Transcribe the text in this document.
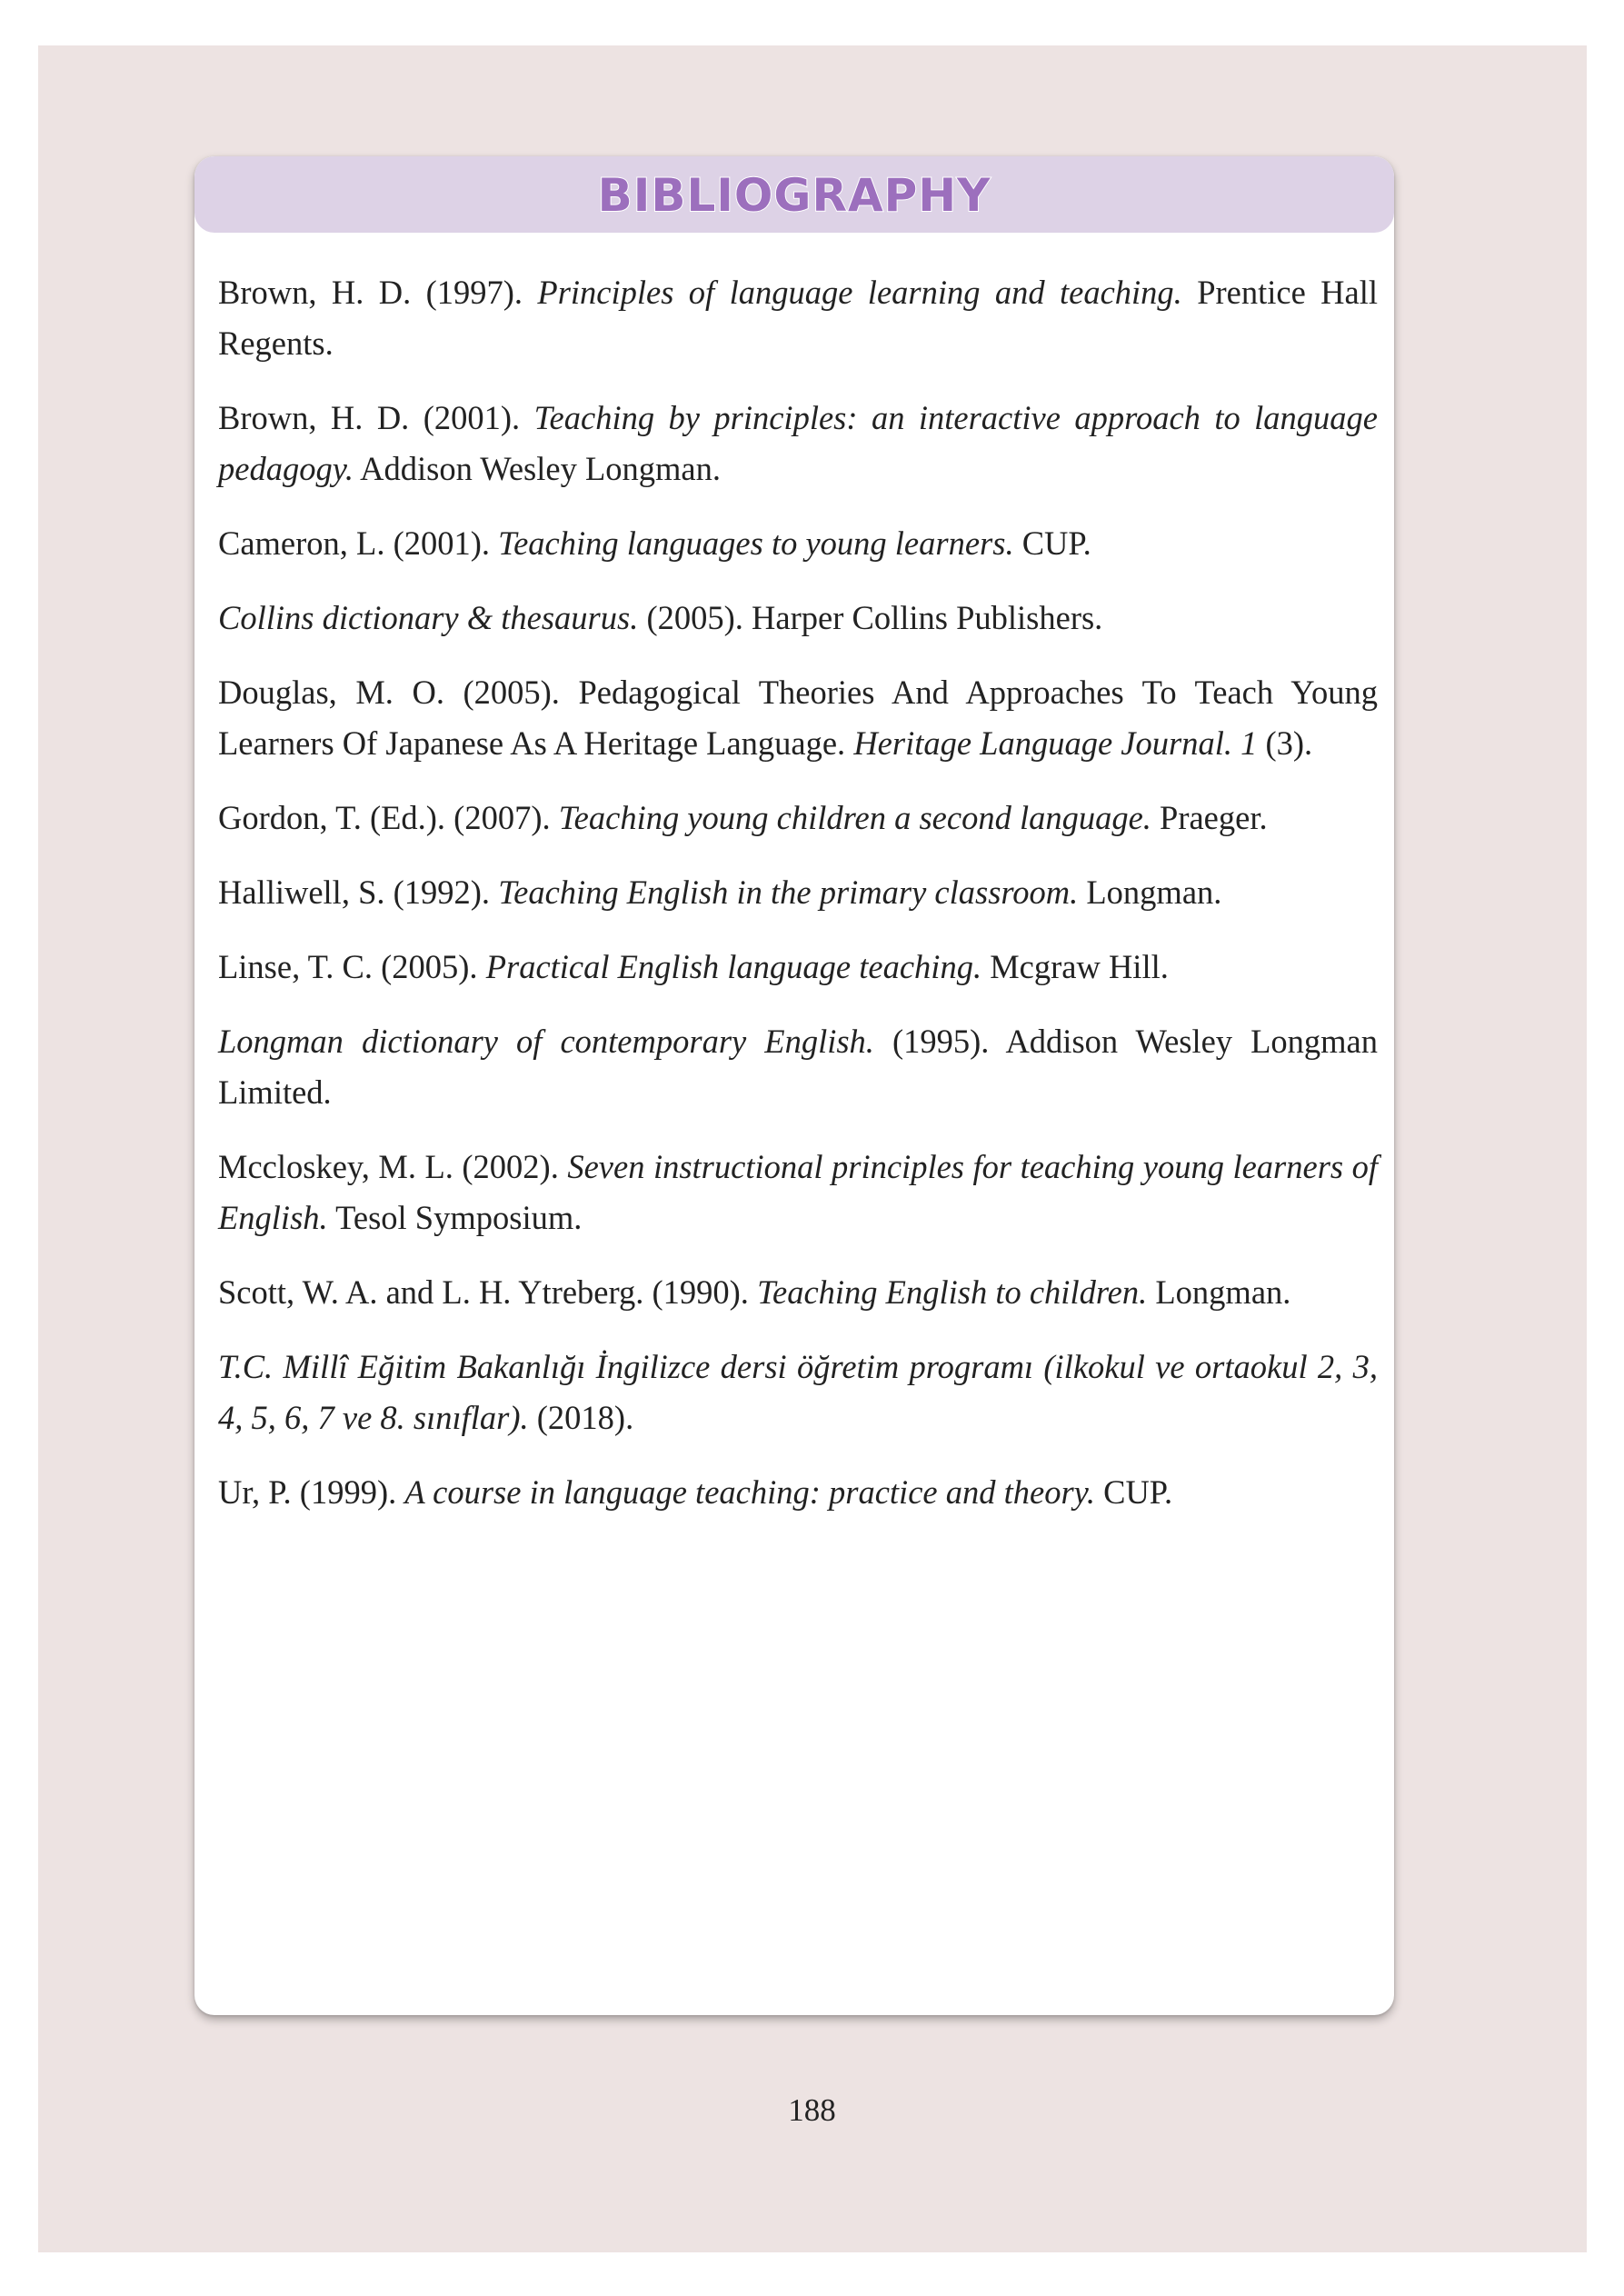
BIBLIOGRAPHY

Brown, H. D. (1997). Principles of language learning and teaching. Prentice Hall Regents.

Brown, H. D. (2001). Teaching by principles: an interactive approach to language pedagogy. Addison Wesley Longman.

Cameron, L. (2001). Teaching languages to young learners. CUP.

Collins dictionary & thesaurus. (2005). Harper Collins Publishers.

Douglas, M. O. (2005). Pedagogical Theories And Approaches To Teach Young Learners Of Japanese As A Heritage Language. Heritage Language Journal. 1 (3).

Gordon, T. (Ed.). (2007). Teaching young children a second language. Praeger.

Halliwell, S. (1992). Teaching English in the primary classroom. Longman.

Linse, T. C. (2005). Practical English language teaching. Mcgraw Hill.

Longman dictionary of contemporary English. (1995). Addison Wesley Longman Limited.

Mccloskey, M. L. (2002). Seven instructional principles for teaching young learners of English. Tesol Symposium.

Scott, W. A. and L. H. Ytreberg. (1990). Teaching English to children. Longman.

T.C. Millî Eğitim Bakanlığı İngilizce dersi öğretim programı (ilkokul ve ortaokul 2, 3, 4, 5, 6, 7 ve 8. sınıflar). (2018).

Ur, P. (1999). A course in language teaching: practice and theory. CUP.

188
